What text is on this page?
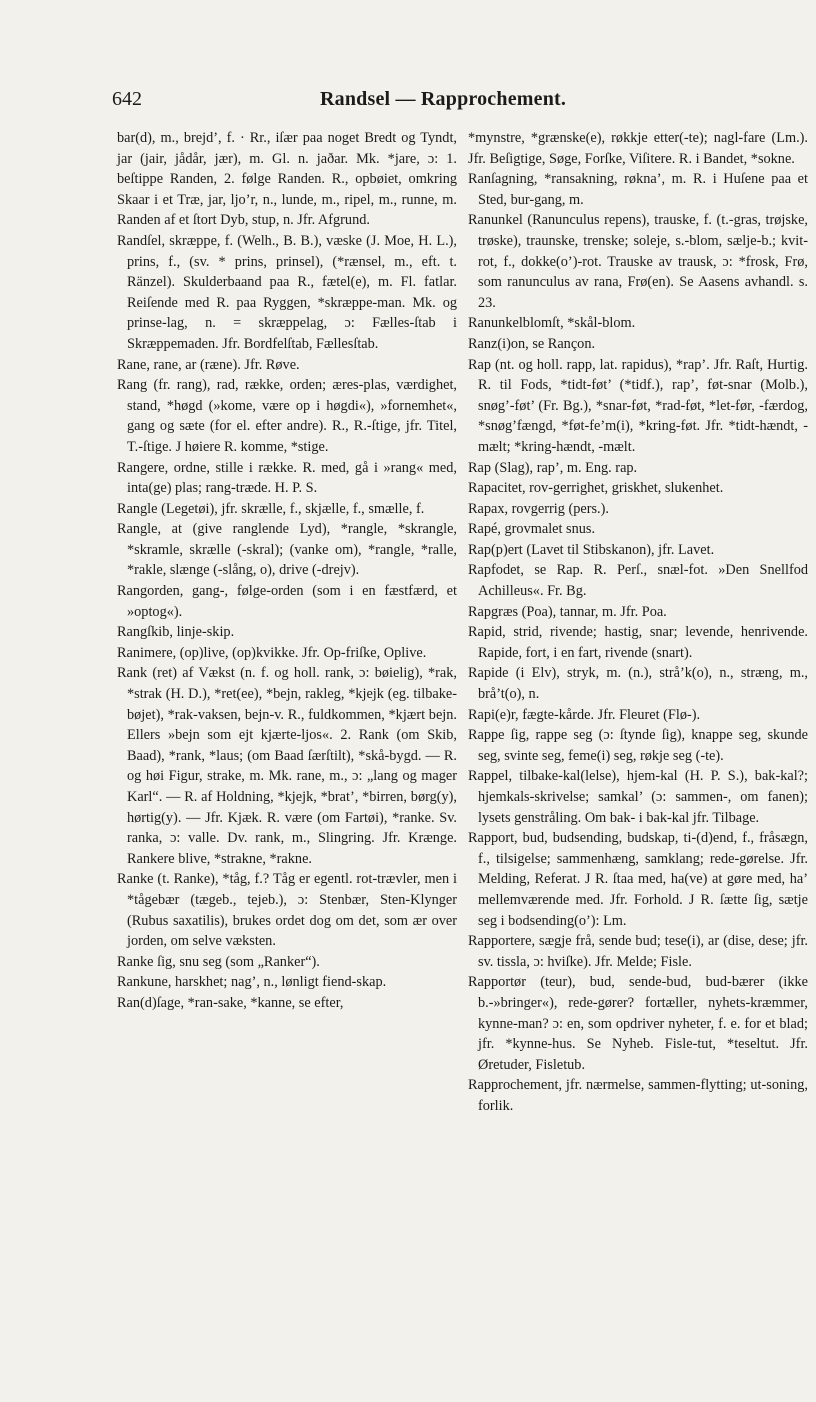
642	Randsel — Rapprochement.

bar(d), m., brejd’, f. · Rr., iſær paa noget Bredt og Tyndt, jar (jair, jådår, jær), m. Gl. n. jaðar. Mk. *jare, ɔ: 1. beſtippe Randen, 2. følge Randen. R., opbøiet, omkring Skaar i et Træ, jar, ljo’r, n., lunde, m., ripel, m., runne, m. Randen af et ſtort Dyb, stup, n. Jfr. Afgrund.

Randſel, skræppe, f. (Welh., B. B.), væske (J. Moe, H. L.), prins, f., (sv. * prins, prinsel), (*rænsel, m., eft. t. Ränzel). Skulderbaand paa R., fætel(e), m. Fl. fatlar. Reiſende med R. paa Ryggen, *skræppe-man. Mk. og prinse-lag, n. = skræppelag, ɔ: Fælles-ſtab i Skræppemaden. Jfr. Bordfelſtab, Fællesſtab.

Rane, rane, ar (ræne). Jfr. Røve.

Rang (fr. rang), rad, række, orden; æres-plas, værdighet, stand, *høgd (»kome, være op i høgdi«), »fornemhet«, gang og sæte (for el. efter andre). R., R.-ſtige, jfr. Titel, T.-ſtige. J høiere R. komme, *stige.

Rangere, ordne, stille i række. R. med, gå i »rang« med, inta(ge) plas; rang-træde. H. P. S.

Rangle (Legetøi), jfr. skrælle, f., skjælle, f., smælle, f.

Rangle, at (give ranglende Lyd), *rangle, *skrangle, *skramle, skrælle (-skral); (vanke om), *rangle, *ralle, *rakle, slænge (-slång, o), drive (-drejv).

Rangorden, gang-, følge-orden (som i en fæstfærd, et »optog«).

Rangſkib, linje-skip.

Ranimere, (op)live, (op)kvikke. Jfr. Op-friſke, Oplive.

Rank (ret) af Vækst (n. f. og holl. rank, ɔ: bøielig), *rak, *strak (H. D.), *ret(ee), *bejn, rakleg, *kjejk (eg. tilbake-bøjet), *rak-vaksen, bejn-v. R., fuldkommen, *kjært bejn. Ellers »bejn som ejt kjærte-ljos«. 2. Rank (om Skib, Baad), *rank, *laus; (om Baad ſærſtilt), *skå-bygd. — R. og høi Figur, strake, m. Mk. rane, m., ɔ: „lang og mager Karl“. — R. af Holdning, *kjejk, *brat’, *birren, børg(y), hørtig(y). — Jfr. Kjæk. R. være (om Fartøi), *ranke. Sv. ranka, ɔ: valle. Dv. rank, m., Slingring. Jfr. Krænge. Rankere blive, *strakne, *rakne.

Ranke (t. Ranke), *tåg, f.? Tåg er egentl. rot-trævler, men i *tågebær (tægeb., tejeb.), ɔ: Stenbær, Sten-Klynger (Rubus saxatilis), brukes ordet dog om det, som ær over jorden, om selve væksten.

Ranke ſig, snu seg (som „Ranker“).

Rankune, harskhet; nag’, n., lønligt fiend-skap.

Ran(d)ſage, *ran-sake, *kanne, se efter,

*mynstre, *grænske(e), røkkje etter(-te); nagl-fare (Lm.). Jfr. Beſigtige, Søge, Forſke, Viſitere. R. i Bandet, *sokne.

Ranſagning, *ransakning, røkna’, m. R. i Huſene paa et Sted, bur-gang, m.

Ranunkel (Ranunculus repens), trauske, f. (t.-gras, trøjske, trøske), traunske, trenske; soleje, s.-blom, sælje-b.; kvit-rot, f., dokke(o’)-rot. Trauske av trausk, ɔ: *frosk, Frø, som ranunculus av rana, Frø(en). Se Aasens avhandl. s. 23.

Ranunkelblomſt, *skål-blom.

Ranz(i)on, se Rançon.

Rap (nt. og holl. rapp, lat. rapidus), *rap’. Jfr. Raſt, Hurtig. R. til Fods, *tidt-føt’ (*tidf.), rap’, føt-snar (Molb.), snøg’-føt’ (Fr. Bg.), *snar-føt, *rad-føt, *let-før, -færdog, *snøg’fængd, *føt-fe’m(i), *kring-føt. Jfr. *tidt-hændt, -mælt; *kring-hændt, -mælt.

Rap (Slag), rap’, m. Eng. rap.

Rapacitet, rov-gerrighet, griskhet, slukenhet.

Rapax, rovgerrig (pers.).

Rapé, grovmalet snus.

Rap(p)ert (Lavet til Stibskanon), jfr. Lavet.

Rapfodet, se Rap. R. Perſ., snæl-fot. »Den Snellfod Achilleus«. Fr. Bg.

Rapgræs (Poa), tannar, m. Jfr. Poa.

Rapid, strid, rivende; hastig, snar; levende, henrivende. Rapide, fort, i en fart, rivende (snart).

Rapide (i Elv), stryk, m. (n.), strå’k(o), n., stræng, m., brå’t(o), n.

Rapi(e)r, fægte-kårde. Jfr. Fleuret (Flø-).

Rappe ſig, rappe seg (ɔ: ſtynde ſig), knappe seg, skunde seg, svinte seg, feme(i) seg, røkje seg (-te).

Rappel, tilbake-kal(lelse), hjem-kal (H. P. S.), bak-kal?; hjemkals-skrivelse; samkal’ (ɔ: sammen-, om fanen); lysets genstråling. Om bak- i bak-kal jfr. Tilbage.

Rapport, bud, budsending, budskap, ti-(d)end, f., fråsægn, f., tilsigelse; sammenhæng, samklang; rede-gørelse. Jfr. Melding, Referat. J R. ſtaa med, ha(ve) at gøre med, ha’ mellemværende med. Jfr. Forhold. J R. ſætte ſig, sætje seg i bodsending(o’): Lm.

Rapportere, sægje frå, sende bud; tese(i), ar (dise, dese; jfr. sv. tissla, ɔ: hviſke). Jfr. Melde; Fisle.

Rapportør (teur), bud, sende-bud, bud-bærer (ikke b.-»bringer«), rede-gører? fortæller, nyhets-kræmmer, kynne-man? ɔ: en, som opdriver nyheter, f. e. for et blad; jfr. *kynne-hus. Se Nyheb. Fisle-tut, *teseltut. Jfr. Øretuder, Fisletub.

Rapprochement, jfr. nærmelse, sammen-flytting; ut-soning, forlik.
